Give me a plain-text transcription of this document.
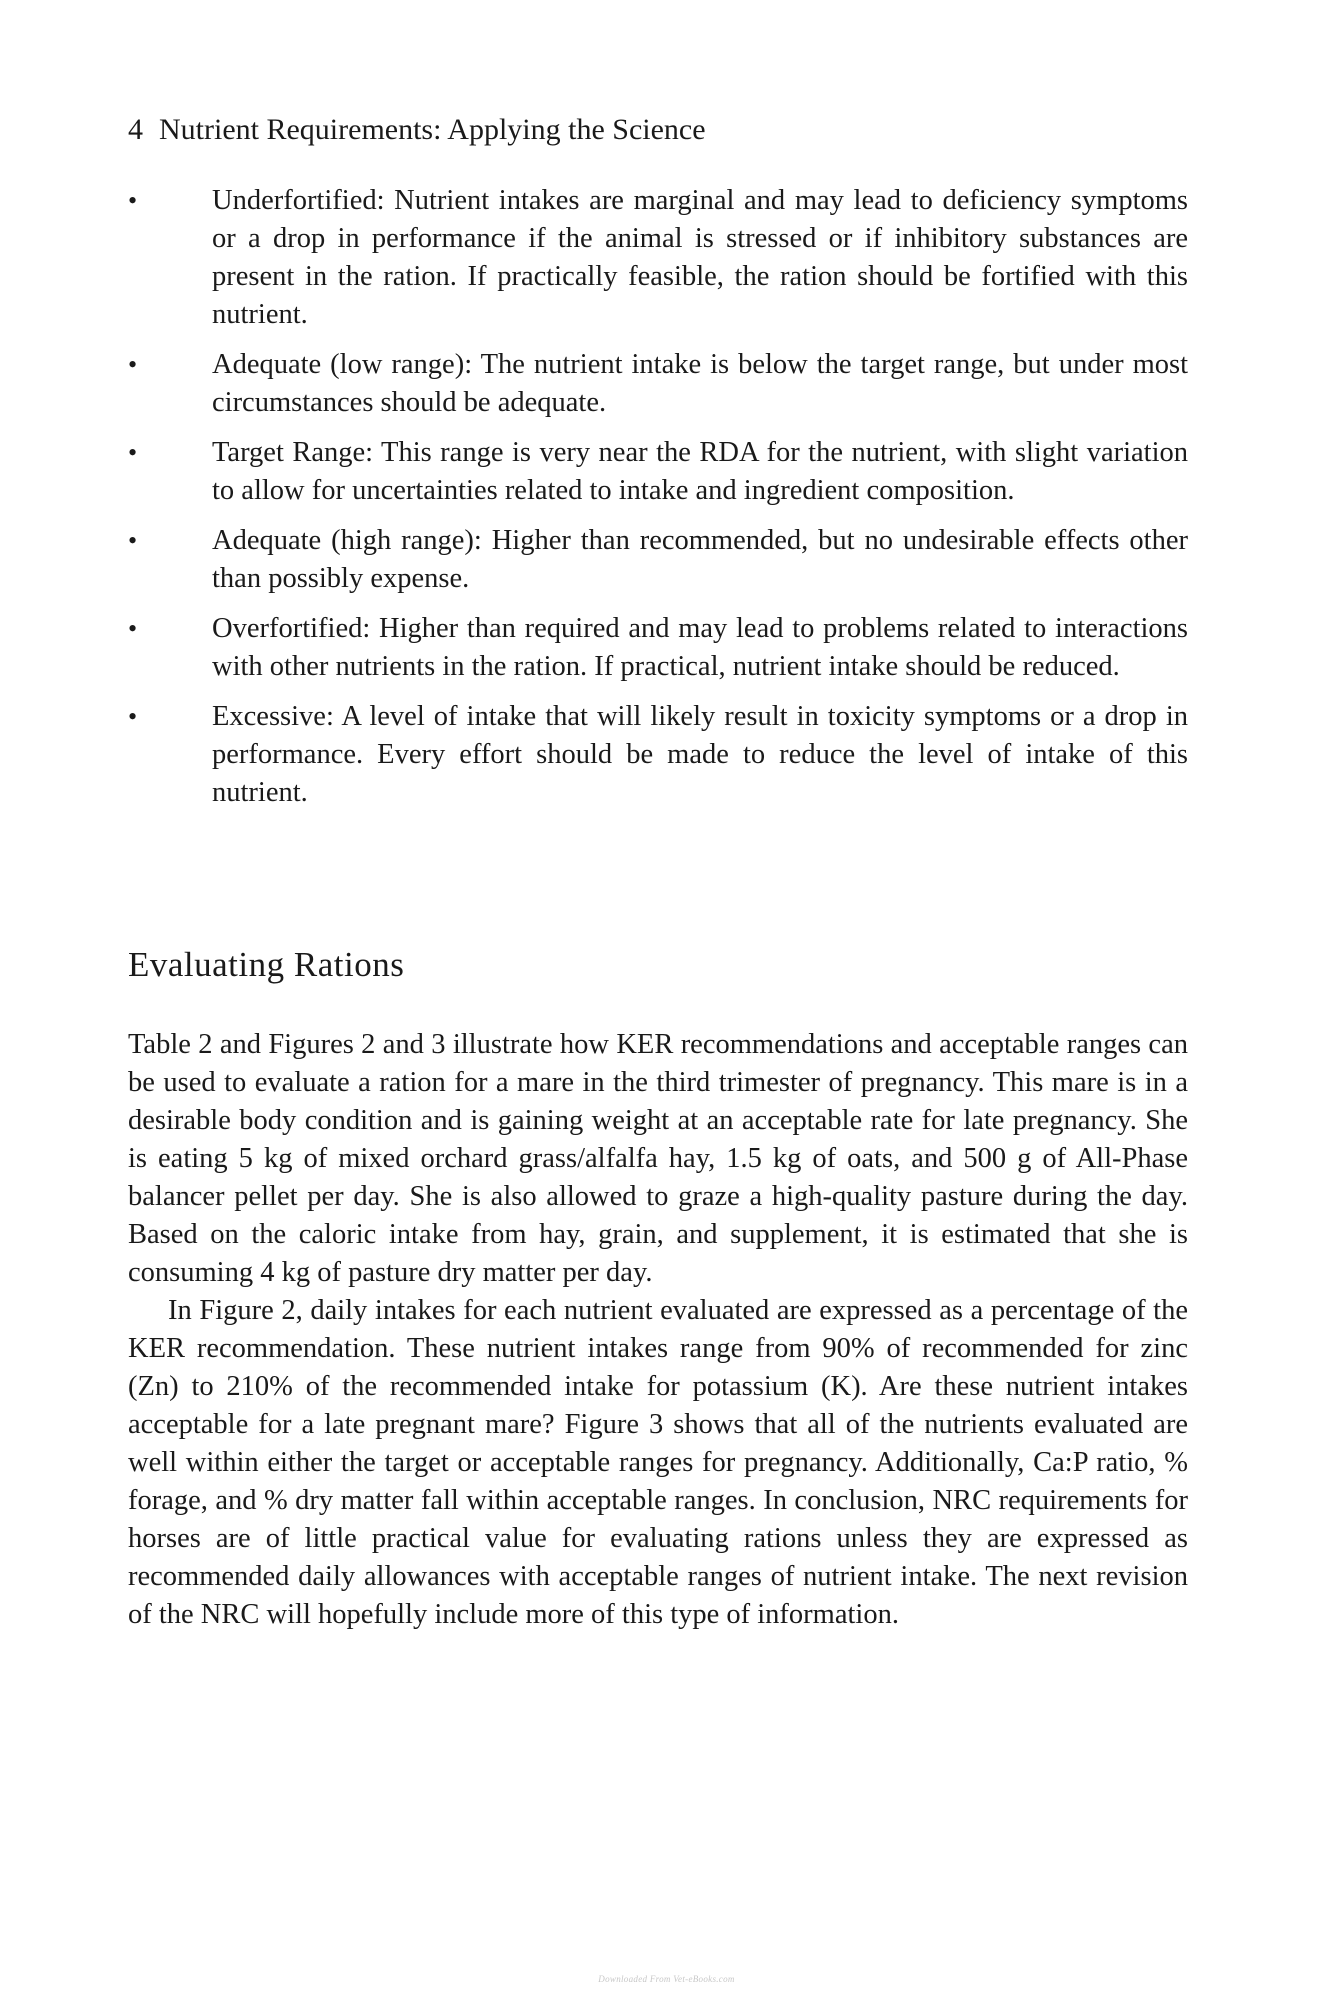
4 Nutrient Requirements: Applying the Science
•	Underfortified: Nutrient intakes are marginal and may lead to deficiency symptoms or a drop in performance if the animal is stressed or if inhibitory substances are present in the ration. If practically feasible, the ration should be fortified with this nutrient.
•	Adequate (low range): The nutrient intake is below the target range, but under most circumstances should be adequate.
•	Target Range: This range is very near the RDA for the nutrient, with slight variation to allow for uncertainties related to intake and ingredient composition.
•	Adequate (high range): Higher than recommended, but no undesirable effects other than possibly expense.
•	Overfortified: Higher than required and may lead to problems related to interactions with other nutrients in the ration. If practical, nutrient intake should be reduced.
•	Excessive: A level of intake that will likely result in toxicity symptoms or a drop in performance. Every effort should be made to reduce the level of intake of this nutrient.
Evaluating Rations

Table 2 and Figures 2 and 3 illustrate how KER recommendations and acceptable ranges can be used to evaluate a ration for a mare in the third trimester of pregnancy. This mare is in a desirable body condition and is gaining weight at an acceptable rate for late pregnancy. She is eating 5 kg of mixed orchard grass/alfalfa hay, 1.5 kg of oats, and 500 g of All-Phase balancer pellet per day. She is also allowed to graze a high-quality pasture during the day. Based on the caloric intake from hay, grain, and supplement, it is estimated that she is consuming 4 kg of pasture dry matter per day.

In Figure 2, daily intakes for each nutrient evaluated are expressed as a percentage of the KER recommendation. These nutrient intakes range from 90% of recommended for zinc (Zn) to 210% of the recommended intake for potassium (K). Are these nutrient intakes acceptable for a late pregnant mare? Figure 3 shows that all of the nutrients evaluated are well within either the target or acceptable ranges for pregnancy. Additionally, Ca:P ratio, % forage, and % dry matter fall within acceptable ranges. In conclusion, NRC requirements for horses are of little practical value for evaluating rations unless they are expressed as recommended daily allowances with acceptable ranges of nutrient intake. The next revision of the NRC will hopefully include more of this type of information.

Downloaded From Vet-eBooks.com
